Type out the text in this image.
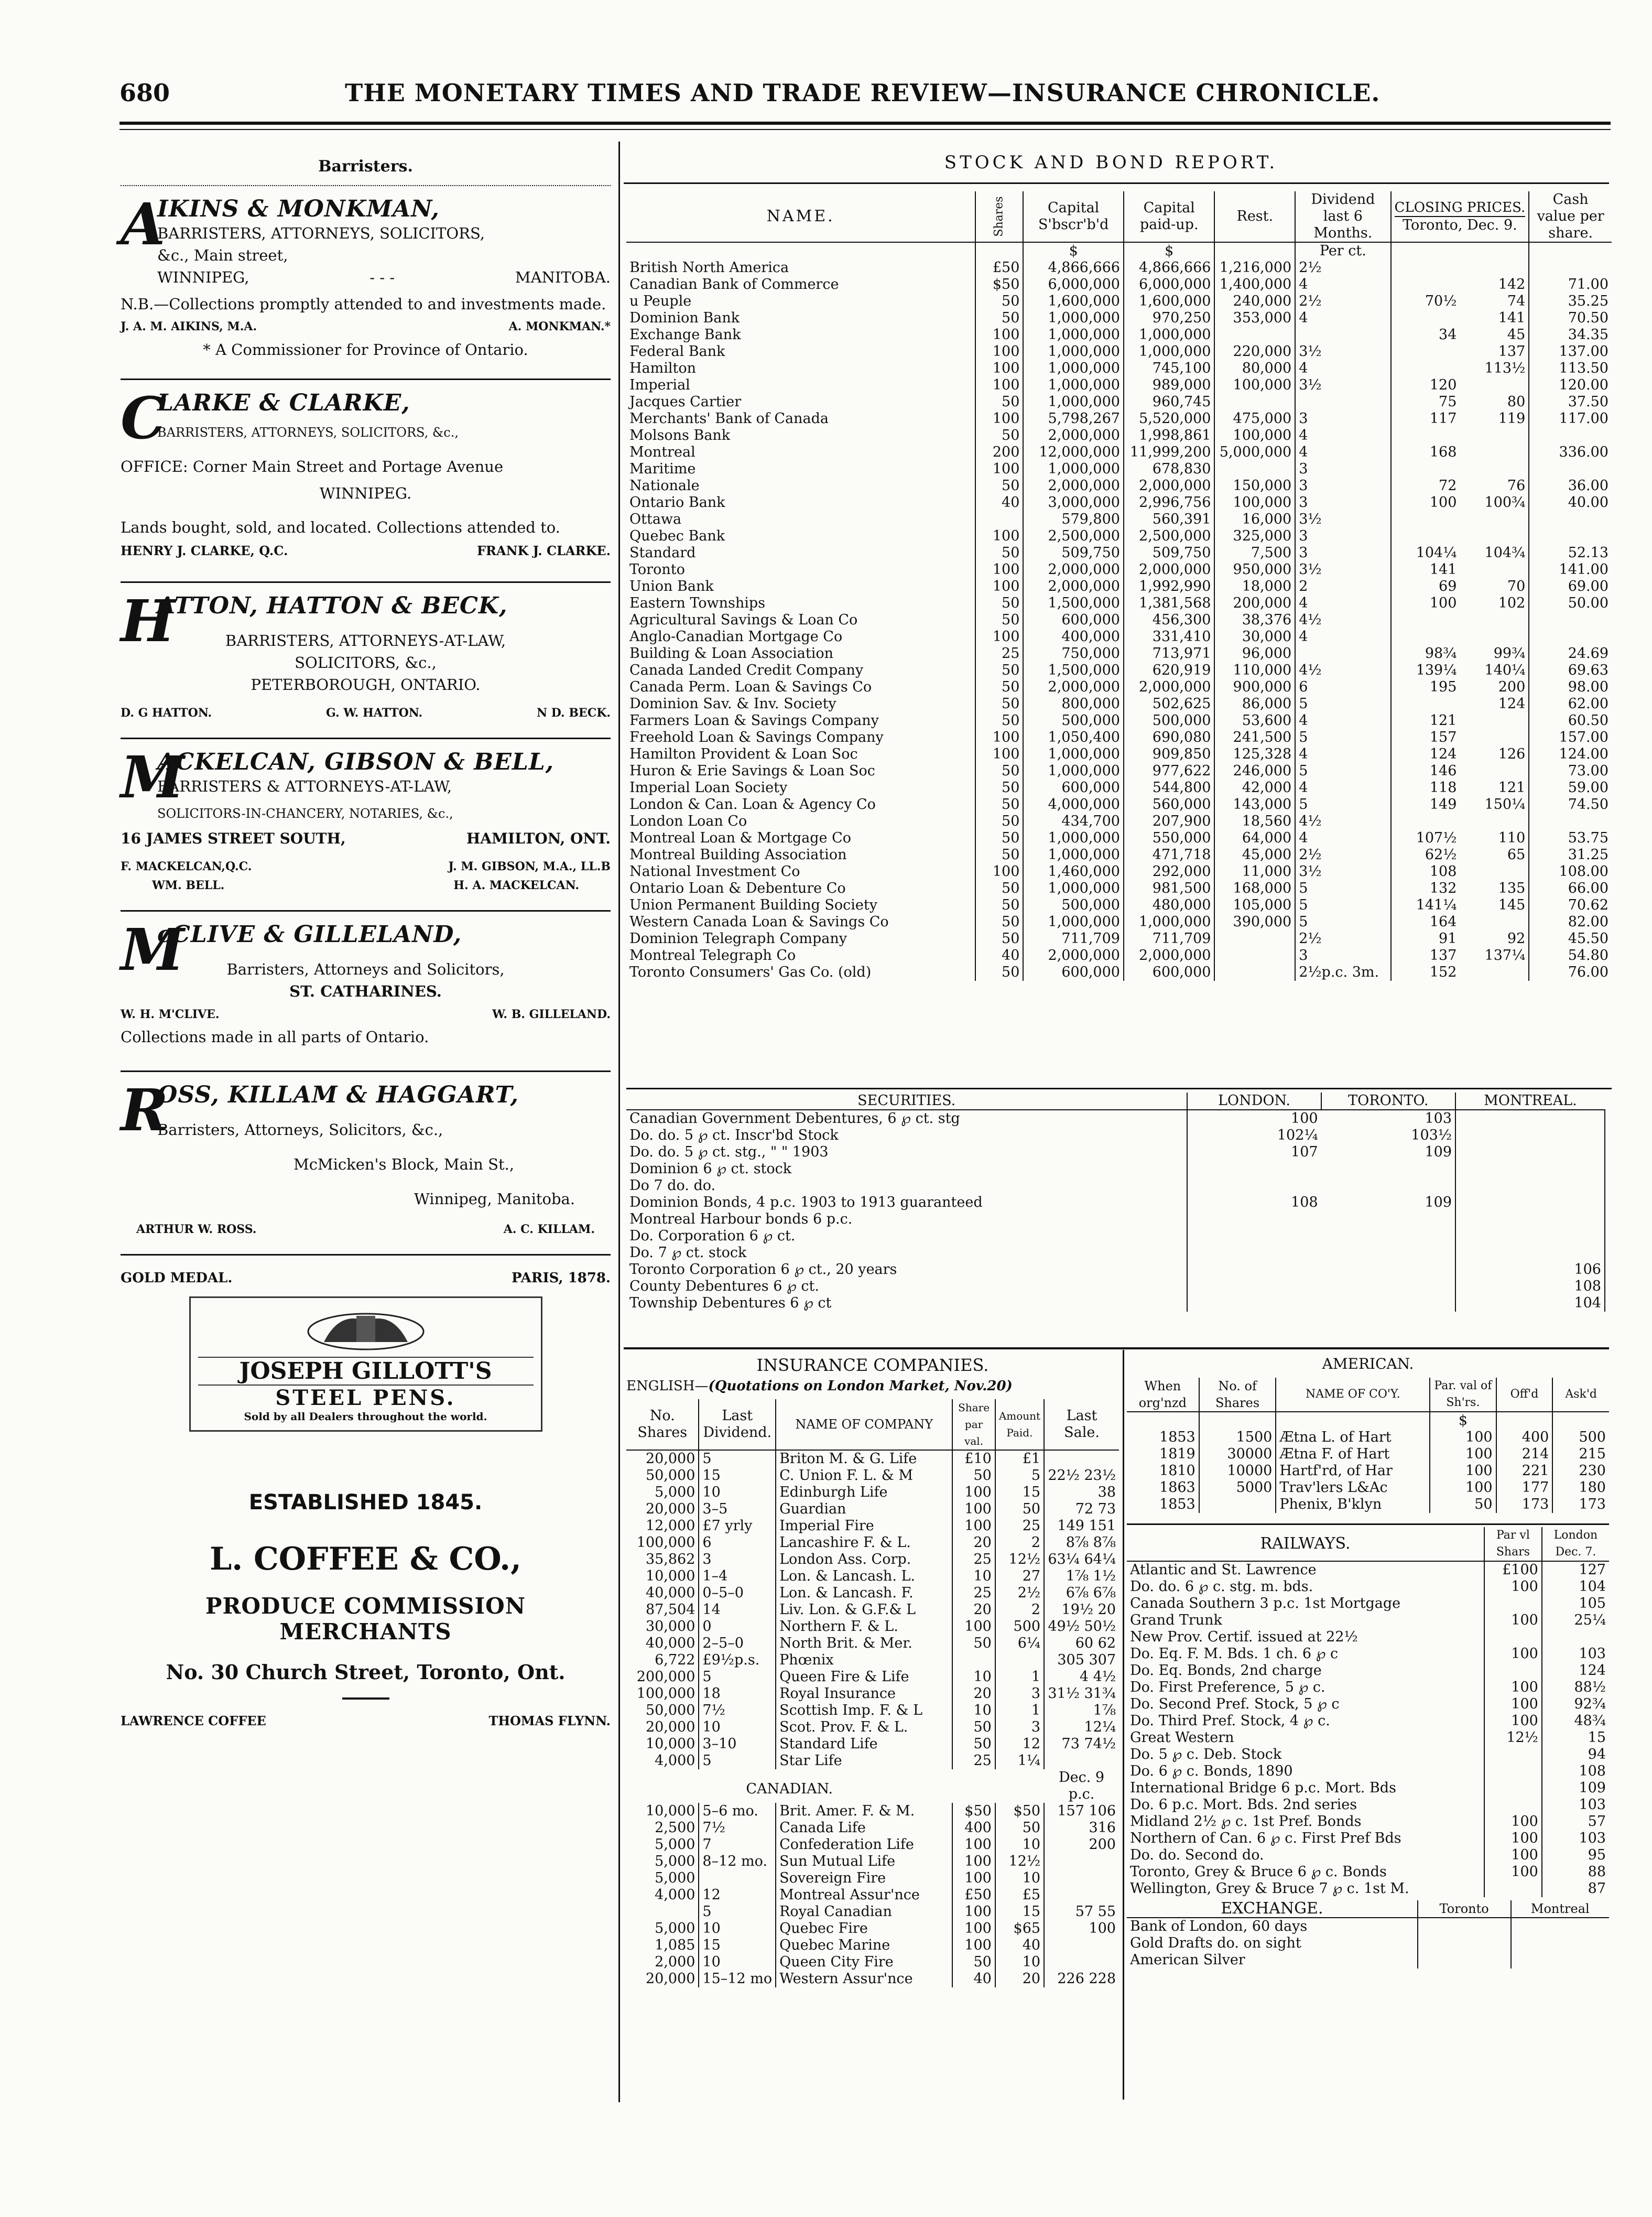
680	THE MONETARY TIMES AND TRADE REVIEW—INSURANCE CHRONICLE.
Barristers.
A
IKINS & MONKMAN,
BARRISTERS, ATTORNEYS, SOLICITORS,
&c., Main street,
WINNIPEG,	- - -	MANITOBA.
N.B.—Collections promptly attended to and investments made.
J. A. M. AIKINS, M.A.	A. MONKMAN.*
* A Commissioner for Province of Ontario.
C
LARKE & CLARKE,
BARRISTERS, ATTORNEYS, SOLICITORS, &c.,
OFFICE: Corner Main Street and Portage Avenue
WINNIPEG.
Lands bought, sold, and located. Collections attended to.
HENRY J. CLARKE, Q.C.	FRANK J. CLARKE.
H
ATTON, HATTON & BECK,
BARRISTERS, ATTORNEYS-AT-LAW,
SOLICITORS, &c.,
PETERBOROUGH, ONTARIO.
D. G HATTON.	G. W. HATTON.	N D. BECK.
M
ACKELCAN, GIBSON & BELL,
BARRISTERS & ATTORNEYS-AT-LAW,
SOLICITORS-IN-CHANCERY, NOTARIES, &c.,
16 JAMES STREET SOUTH,	HAMILTON, ONT.
F. MACKELCAN,Q.C.	J. M. GIBSON, M.A., LL.B
WM. BELL.	H. A. MACKELCAN.
M
cCLIVE & GILLELAND,
Barristers, Attorneys and Solicitors,
ST. CATHARINES.
W. H. M'CLIVE.	W. B. GILLELAND.
Collections made in all parts of Ontario.
R
OSS, KILLAM & HAGGART,
Barristers, Attorneys, Solicitors, &c.,
McMicken's Block, Main St.,
Winnipeg, Manitoba.
ARTHUR W. ROSS.	A. C. KILLAM.
GOLD MEDAL.	PARIS, 1878.
JOSEPH GILLOTT'S
STEEL PENS.
Sold by all Dealers throughout the world.
ESTABLISHED 1845.
L. COFFEE & CO.,
PRODUCE COMMISSION MERCHANTS
No. 30 Church Street, Toronto, Ont.
LAWRENCE COFFEE	THOMAS FLYNN.
STOCK AND BOND REPORT.
NAME.	Shares	Capital S'bscr'b'd	Capital paid-up.	Rest.	Dividend last 6 Months.	CLOSING PRICES.
Toronto, Dec. 9.		Cash value per share.
		$	$		Per ct.			
British North America	£50	4,866,666	4,866,666	1,216,000	2½			
Canadian Bank of Commerce	$50	6,000,000	6,000,000	1,400,000	4		142	71.00
u Peuple	50	1,600,000	1,600,000	240,000	2½	70½	74	35.25
Dominion Bank	50	1,000,000	970,250	353,000	4		141	70.50
Exchange Bank	100	1,000,000	1,000,000			34	45	34.35
Federal Bank	100	1,000,000	1,000,000	220,000	3½		137	137.00
Hamilton	100	1,000,000	745,100	80,000	4		113½	113.50
Imperial	100	1,000,000	989,000	100,000	3½	120		120.00
Jacques Cartier	50	1,000,000	960,745			75	80	37.50
Merchants' Bank of Canada	100	5,798,267	5,520,000	475,000	3	117	119	117.00
Molsons Bank	50	2,000,000	1,998,861	100,000	4			
Montreal	200	12,000,000	11,999,200	5,000,000	4	168		336.00
Maritime	100	1,000,000	678,830		3			
Nationale	50	2,000,000	2,000,000	150,000	3	72	76	36.00
Ontario Bank	40	3,000,000	2,996,756	100,000	3	100	100¾	40.00
Ottawa		579,800	560,391	16,000	3½			
Quebec Bank	100	2,500,000	2,500,000	325,000	3			
Standard	50	509,750	509,750	7,500	3	104¼	104¾	52.13
Toronto	100	2,000,000	2,000,000	950,000	3½	141		141.00
Union Bank	100	2,000,000	1,992,990	18,000	2	69	70	69.00
Eastern Townships	50	1,500,000	1,381,568	200,000	4	100	102	50.00
Agricultural Savings & Loan Co	50	600,000	456,300	38,376	4½			
Anglo-Canadian Mortgage Co	100	400,000	331,410	30,000	4			
Building & Loan Association	25	750,000	713,971	96,000		98¾	99¾	24.69
Canada Landed Credit Company	50	1,500,000	620,919	110,000	4½	139¼	140¼	69.63
Canada Perm. Loan & Savings Co	50	2,000,000	2,000,000	900,000	6	195	200	98.00
Dominion Sav. & Inv. Society	50	800,000	502,625	86,000	5		124	62.00
Farmers Loan & Savings Company	50	500,000	500,000	53,600	4	121		60.50
Freehold Loan & Savings Company	100	1,050,400	690,080	241,500	5	157		157.00
Hamilton Provident & Loan Soc	100	1,000,000	909,850	125,328	4	124	126	124.00
Huron & Erie Savings & Loan Soc	50	1,000,000	977,622	246,000	5	146		73.00
Imperial Loan Society	50	600,000	544,800	42,000	4	118	121	59.00
London & Can. Loan & Agency Co	50	4,000,000	560,000	143,000	5	149	150¼	74.50
London Loan Co	50	434,700	207,900	18,560	4½			
Montreal Loan & Mortgage Co	50	1,000,000	550,000	64,000	4	107½	110	53.75
Montreal Building Association	50	1,000,000	471,718	45,000	2½	62½	65	31.25
National Investment Co	100	1,460,000	292,000	11,000	3½	108		108.00
Ontario Loan & Debenture Co	50	1,000,000	981,500	168,000	5	132	135	66.00
Union Permanent Building Society	50	500,000	480,000	105,000	5	141¼	145	70.62
Western Canada Loan & Savings Co	50	1,000,000	1,000,000	390,000	5	164		82.00
Dominion Telegraph Company	50	711,709	711,709		2½	91	92	45.50
Montreal Telegraph Co	40	2,000,000	2,000,000		3	137	137¼	54.80
Toronto Consumers' Gas Co. (old)	50	600,000	600,000		2½p.c. 3m.	152		76.00
SECURITIES.	LONDON.	TORONTO.	MONTREAL.	
Canadian Government Debentures, 6 ℘ ct. stg	100	103		
Do. do. 5 ℘ ct. Inscr'bd Stock	102¼	103½		
Do. do. 5 ℘ ct. stg., " " 1903	107	109		
Dominion 6 ℘ ct. stock				
Do 7 do. do.				
Dominion Bonds, 4 p.c. 1903 to 1913 guaranteed	108	109		
Montreal Harbour bonds 6 p.c.				
Do. Corporation 6 ℘ ct.				
Do. 7 ℘ ct. stock				
Toronto Corporation 6 ℘ ct., 20 years			106	
County Debentures 6 ℘ ct.			108	
Township Debentures 6 ℘ ct			104	
INSURANCE COMPANIES.
ENGLISH—(Quotations on London Market, Nov.20)
No. Shares	Last Dividend.	NAME OF COMPANY	Share par val.	Amount Paid.	Last Sale.
20,000	5	Briton M. & G. Life	£10	£1	
50,000	15	C. Union F. L. & M	50	5	22½ 23½
5,000	10	Edinburgh Life	100	15	38
20,000	3–5	Guardian	100	50	72 73
12,000	£7 yrly	Imperial Fire	100	25	149 151
100,000	6	Lancashire F. & L.	20	2	8⅞ 8⅞
35,862	3	London Ass. Corp.	25	12½	63¼ 64¼
10,000	1–4	Lon. & Lancash. L.	10	27	1⅞ 1½
40,000	0–5–0	Lon. & Lancash. F.	25	2½	6⅞ 6⅞
87,504	14	Liv. Lon. & G.F.& L	20	2	19½ 20
30,000	0	Northern F. & L.	100	500	49½ 50½
40,000	2–5–0	North Brit. & Mer.	50	6¼	60 62
6,722	£9½p.s.	Phœnix			305 307
200,000	5	Queen Fire & Life	10	1	4 4½
100,000	18	Royal Insurance	20	3	31½ 31¾
50,000	7½	Scottish Imp. F. & L	10	1	1⅞
20,000	10	Scot. Prov. F. & L.	50	3	12¼
10,000	3–10	Standard Life	50	12	73 74½
4,000	5	Star Life	25	1¼	
CANADIAN.					Dec. 9 p.c.
10,000	5–6 mo.	Brit. Amer. F. & M.	$50	$50	157 106
2,500	7½	Canada Life	400	50	316
5,000	7	Confederation Life	100	10	200
5,000	8–12 mo.	Sun Mutual Life	100	12½	
5,000		Sovereign Fire	100	10	
4,000	12	Montreal Assur'nce	£50	£5	
	5	Royal Canadian	100	15	57 55
5,000	10	Quebec Fire	100	$65	100
1,085	15	Quebec Marine	100	40	
2,000	10	Queen City Fire	50	10	
20,000	15–12 mo	Western Assur'nce	40	20	226 228
AMERICAN.
When org'nzd	No. of Shares	NAME OF CO'Y.	Par. val of Sh'rs.	Off'd	Ask'd
			$		
1853	1500	Ætna L. of Hart	100	400	500
1819	30000	Ætna F. of Hart	100	214	215
1810	10000	Hartf'rd, of Har	100	221	230
1863	5000	Trav'lers L&Ac	100	177	180
1853		Phenix, B'klyn	50	173	173
RAILWAYS.	Par vl Shars	London Dec. 7.
Atlantic and St. Lawrence	£100	127
Do. do. 6 ℘ c. stg. m. bds.	100	104
Canada Southern 3 p.c. 1st Mortgage		105
Grand Trunk	100	25¼
New Prov. Certif. issued at 22½		
Do. Eq. F. M. Bds. 1 ch. 6 ℘ c	100	103
Do. Eq. Bonds, 2nd charge		124
Do. First Preference, 5 ℘ c.	100	88½
Do. Second Pref. Stock, 5 ℘ c	100	92¾
Do. Third Pref. Stock, 4 ℘ c.	100	48¾
Great Western	12½	15
Do. 5 ℘ c. Deb. Stock		94
Do. 6 ℘ c. Bonds, 1890		108
International Bridge 6 p.c. Mort. Bds		109
Do. 6 p.c. Mort. Bds. 2nd series		103
Midland 2½ ℘ c. 1st Pref. Bonds	100	57
Northern of Can. 6 ℘ c. First Pref Bds	100	103
Do. do. Second do.	100	95
Toronto, Grey & Bruce 6 ℘ c. Bonds	100	88
Wellington, Grey & Bruce 7 ℘ c. 1st M.		87
EXCHANGE.	Toronto	Montreal
Bank of London, 60 days		
Gold Drafts do. on sight		
American Silver		
